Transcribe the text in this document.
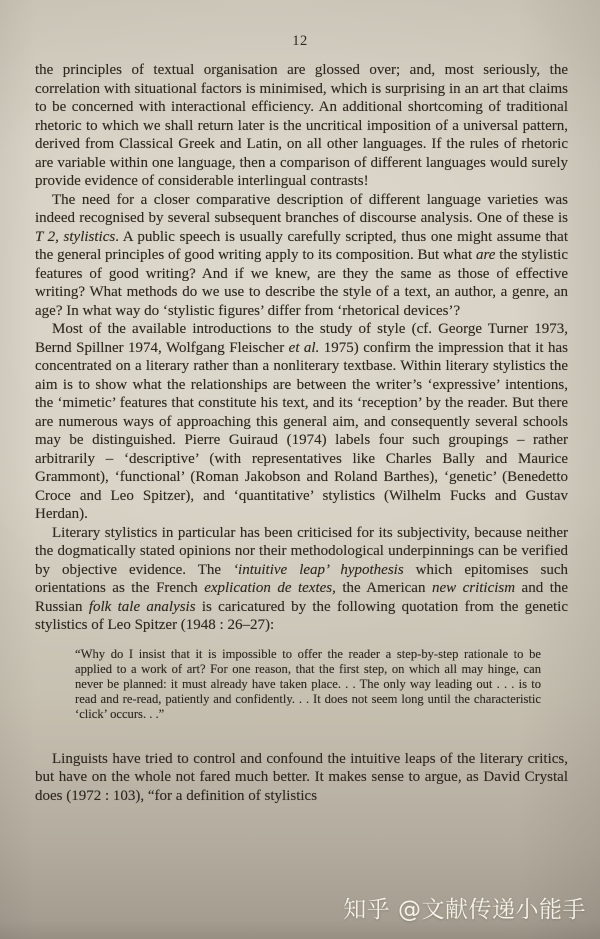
12
the principles of textual organisation are glossed over; and, most seriously, the correlation with situational factors is minimised, which is surprising in an art that claims to be concerned with interactional efficiency. An additional shortcoming of traditional rhetoric to which we shall return later is the uncritical imposition of a universal pattern, derived from Classical Greek and Latin, on all other languages. If the rules of rhetoric are variable within one language, then a comparison of different languages would surely provide evidence of considerable interlingual contrasts!
The need for a closer comparative description of different language varieties was indeed recognised by several subsequent branches of discourse analysis. One of these is T 2, stylistics. A public speech is usually carefully scripted, thus one might assume that the general principles of good writing apply to its composition. But what are the stylistic features of good writing? And if we knew, are they the same as those of effective writing? What methods do we use to describe the style of a text, an author, a genre, an age? In what way do ‘stylistic figures’ differ from ‘rhetorical devices’?
Most of the available introductions to the study of style (cf. George Turner 1973, Bernd Spillner 1974, Wolfgang Fleischer et al. 1975) confirm the impression that it has concentrated on a literary rather than a nonliterary textbase. Within literary stylistics the aim is to show what the relationships are between the writer’s ‘expressive’ intentions, the ‘mimetic’ features that constitute his text, and its ‘reception’ by the reader. But there are numerous ways of approaching this general aim, and consequently several schools may be distinguished. Pierre Guiraud (1974) labels four such groupings – rather arbitrarily – ‘descriptive’ (with representatives like Charles Bally and Maurice Grammont), ‘functional’ (Roman Jakobson and Roland Barthes), ‘genetic’ (Benedetto Croce and Leo Spitzer), and ‘quantitative’ stylistics (Wilhelm Fucks and Gustav Herdan).
Literary stylistics in particular has been criticised for its subjectivity, because neither the dogmatically stated opinions nor their methodological underpinnings can be verified by objective evidence. The ‘intuitive leap’ hypothesis which epitomises such orientations as the French explication de textes, the American new criticism and the Russian folk tale analysis is caricatured by the following quotation from the genetic stylistics of Leo Spitzer (1948 : 26–27):
“Why do I insist that it is impossible to offer the reader a step-by-step rationale to be applied to a work of art? For one reason, that the first step, on which all may hinge, can never be planned: it must already have taken place. . . The only way leading out . . . is to read and re-read, patiently and confidently. . . It does not seem long until the characteristic ‘click’ occurs. . .”
Linguists have tried to control and confound the intuitive leaps of the literary critics, but have on the whole not fared much better. It makes sense to argue, as David Crystal does (1972 : 103), “for a definition of stylistics
知乎 @文献传递小能手
